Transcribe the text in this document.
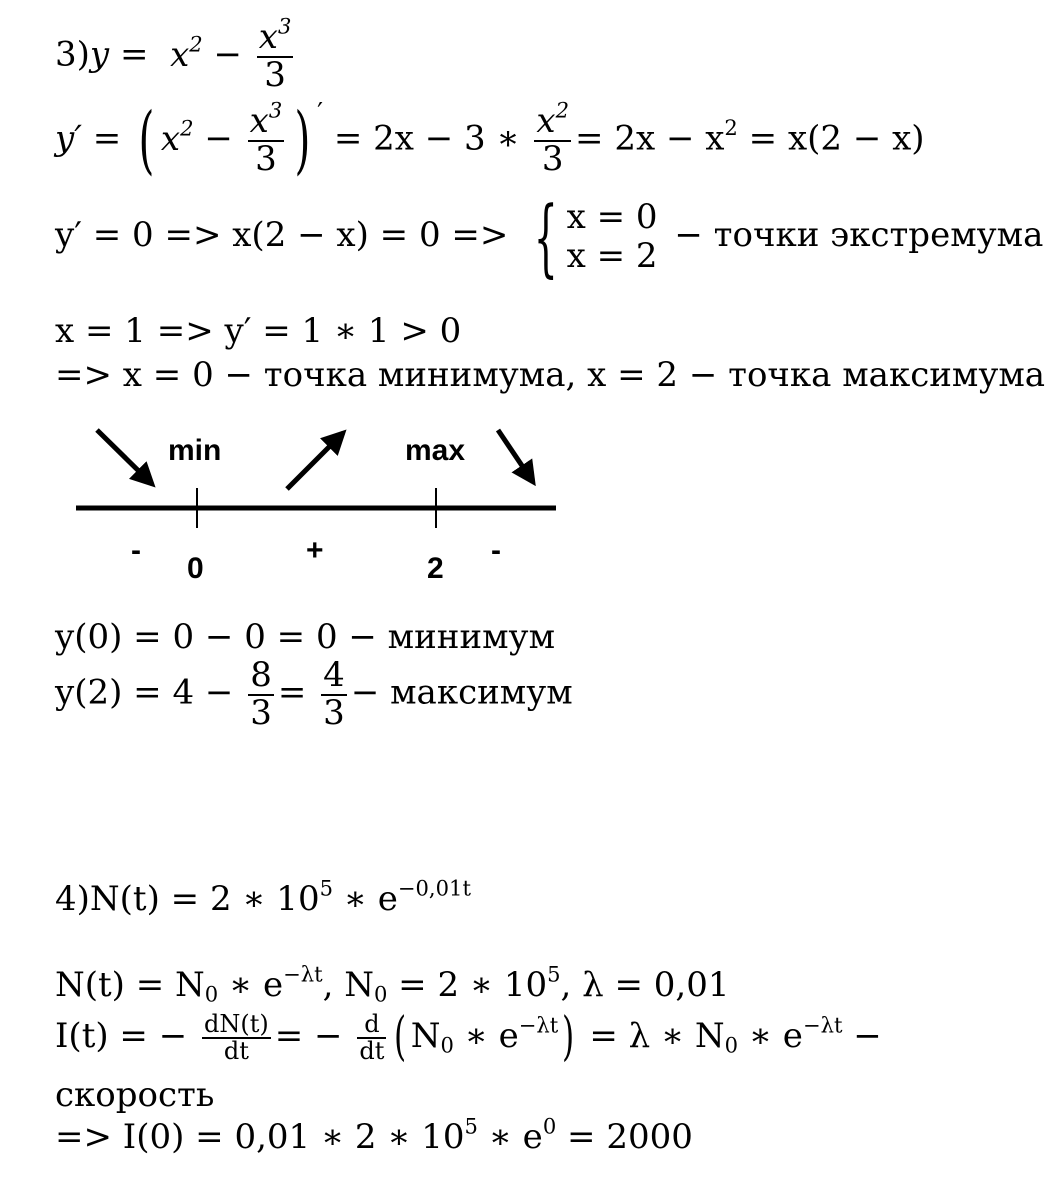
$3)y = x^2 - \frac{x^3}{3}$
y′ = ( $x^2 - \frac{x^3}{3}$ ) ′ = 2x − 3 ∗ $\frac{x^2}{3} = 2x - x^2 = x(2 - x)$
y′ = 0 => x(2 − x) = 0 => { x = 0
x = 2
− точки экстремума
x = 1 => y′ = 1 ∗ 1 > 0
=> x = 0 − точка минимума, x = 2 − точка максимума
min	max
-
0
+
2
-
y(0) = 0 − 0 = 0 − минимум
$y(2) = 4 - \frac{8}{3} = \frac{4}{3}$ − максимум
4)N(t) = 2 ∗ $10^5$ ∗ $e^{-0,01t}$
$N(t) = N_0$ ∗ $e^{-\lambda t}$, $N_0 = 2$ ∗ $10^5$, λ = 0,01
I(t) = − $\frac{dN(t)}{dt}$ = − $\frac{d}{dt}$ ( $N_0$ ∗ $e^{-\lambda t}) = \lambda$ ∗ $N_0$ ∗ $e^{-\lambda t}$ −
скорость
=> I(0) = 0,01 ∗ 2 ∗ $10^5$ ∗ $e^0 = 2000$
